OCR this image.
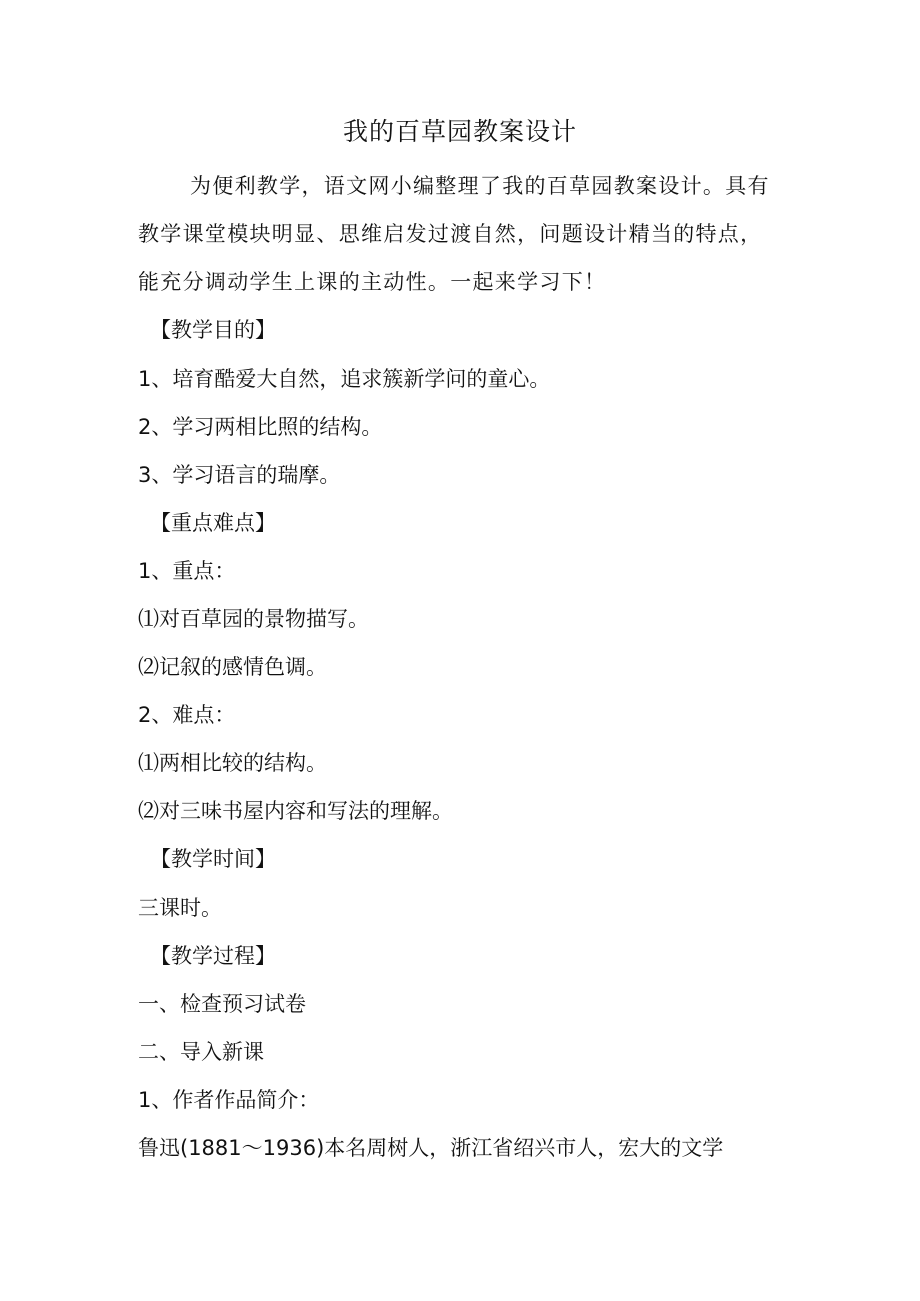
我的百草园教案设计

为便利教学，语文网小编整理了我的百草园教案设计。具有

教学课堂模块明显、思维启发过渡自然，问题设计精当的特点，

能充分调动学生上课的主动性。一起来学习下！

【教学目的】

1、培育酷爱大自然，追求簇新学问的童心。

2、学习两相比照的结构。

3、学习语言的瑞摩。

【重点难点】

1、重点：

⑴对百草园的景物描写。

⑵记叙的感情色调。

2、难点：

⑴两相比较的结构。

⑵对三味书屋内容和写法的理解。

【教学时间】

三课时。

【教学过程】

一、检查预习试卷

二、导入新课

1、作者作品简介：

鲁迅(1881～1936)本名周树人，浙江省绍兴市人，宏大的文学
